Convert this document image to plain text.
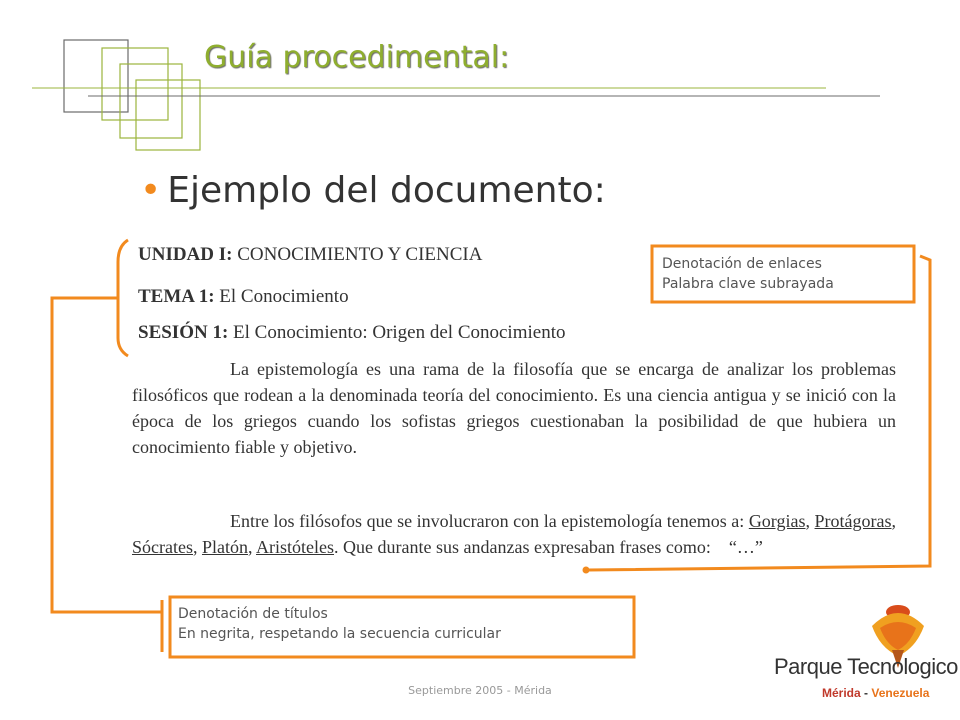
Guía procedimental:
• Ejemplo del documento:
UNIDAD I: CONOCIMIENTO Y CIENCIA
TEMA 1: El Conocimiento
SESIÓN 1: El Conocimiento: Origen del Conocimiento
La epistemología es una rama de la filosofía que se encarga de analizar los problemas filosóficos que rodean a la denominada teoría del conocimiento. Es una ciencia antigua y se inició con la época de los griegos cuando los sofistas griegos cuestionaban la posibilidad de que hubiera un conocimiento fiable y objetivo.
Entre los filósofos que se involucraron con la epistemología tenemos a: Gorgias, Protágoras, Sócrates, Platón, Aristóteles. Que durante sus andanzas expresaban frases como: “…”
Denotación de enlaces
Palabra clave subrayada
Denotación de títulos
En negrita, respetando la secuencia curricular
Septiembre 2005 - Mérida
Parque Tecnologico
Mérida - Venezuela
